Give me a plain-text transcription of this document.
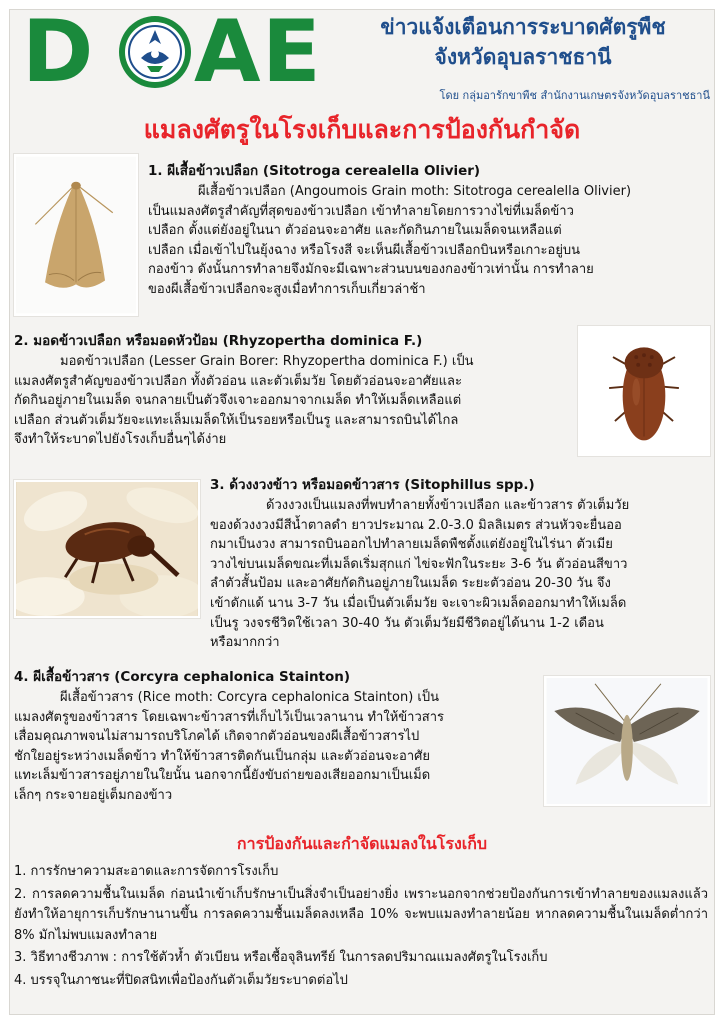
D A E	ข่าวแจ้งเตือนการระบาดศัตรูพืช
จังหวัดอุบลราชธานี
โดย กลุ่มอารักขาพืช สำนักงานเกษตรจังหวัดอุบลราชธานี
แมลงศัตรูในโรงเก็บและการป้องกันกำจัด
1. ผีเสื้อข้าวเปลือก (Sitotroga cerealella Olivier)

ผีเสื้อข้าวเปลือก (Angoumois Grain moth: Sitotroga cerealella Olivier)

เป็นแมลงศัตรูสำคัญที่สุดของข้าวเปลือก เข้าทำลายโดยการวางไข่ที่เมล็ดข้าว

เปลือก ตั้งแต่ยังอยู่ในนา ตัวอ่อนจะอาศัย และกัดกินภายในเมล็ดจนเหลือแต่

เปลือก เมื่อเข้าไปในยุ้งฉาง หรือโรงสี จะเห็นผีเสื้อข้าวเปลือกบินหรือเกาะอยู่บน

กองข้าว ดังนั้นการทำลายจึงมักจะมีเฉพาะส่วนบนของกองข้าวเท่านั้น การทำลาย

ของผีเสื้อข้าวเปลือกจะสูงเมื่อทำการเก็บเกี่ยวล่าช้า

2. มอดข้าวเปลือก หรือมอดหัวป้อม (Rhyzopertha dominica F.)

มอดข้าวเปลือก (Lesser Grain Borer: Rhyzopertha dominica F.) เป็น

แมลงศัตรูสำคัญของข้าวเปลือก ทั้งตัวอ่อน และตัวเต็มวัย โดยตัวอ่อนจะอาศัยและ

กัดกินอยู่ภายในเมล็ด จนกลายเป็นตัวจึงเจาะออกมาจากเมล็ด ทำให้เมล็ดเหลือแต่

เปลือก ส่วนตัวเต็มวัยจะแทะเล็มเมล็ดให้เป็นรอยหรือเป็นรู และสามารถบินได้ไกล

จึงทำให้ระบาดไปยังโรงเก็บอื่นๆได้ง่าย

3. ด้วงงวงข้าว หรือมอดข้าวสาร (Sitophillus spp.)

ด้วงงวงเป็นแมลงที่พบทำลายทั้งข้าวเปลือก และข้าวสาร ตัวเต็มวัย

ของด้วงงวงมีสีน้ำตาลดำ ยาวประมาณ 2.0-3.0 มิลลิเมตร ส่วนหัวจะยื่นออ

กมาเป็นงวง สามารถบินออกไปทำลายเมล็ดพืชตั้งแต่ยังอยู่ในไร่นา ตัวเมีย

วางไข่บนเมล็ดขณะที่เมล็ดเริ่มสุกแก่ ไข่จะฟักในระยะ 3-6 วัน ตัวอ่อนสีขาว

ลำตัวสั้นป้อม และอาศัยกัดกินอยู่ภายในเมล็ด ระยะตัวอ่อน 20-30 วัน จึง

เข้าดักแด้ นาน 3-7 วัน เมื่อเป็นตัวเต็มวัย จะเจาะผิวเมล็ดออกมาทำให้เมล็ด

เป็นรู วงจรชีวิตใช้เวลา 30-40 วัน ตัวเต็มวัยมีชีวิตอยู่ได้นาน 1-2 เดือน

หรือมากกว่า

4. ผีเสื้อข้าวสาร (Corcyra cephalonica Stainton)

ผีเสื้อข้าวสาร (Rice moth: Corcyra cephalonica Stainton) เป็น

แมลงศัตรูของข้าวสาร โดยเฉพาะข้าวสารที่เก็บไว้เป็นเวลานาน ทำให้ข้าวสาร

เสื่อมคุณภาพจนไม่สามารถบริโภคได้ เกิดจากตัวอ่อนของผีเสื้อข้าวสารไป

ชักใยอยู่ระหว่างเมล็ดข้าว ทำให้ข้าวสารติดกันเป็นกลุ่ม และตัวอ่อนจะอาศัย

แทะเล็มข้าวสารอยู่ภายในใยนั้น นอกจากนี้ยังขับถ่ายของเสียออกมาเป็นเม็ด

เล็กๆ กระจายอยู่เต็มกองข้าว

การป้องกันและกำจัดแมลงในโรงเก็บ
1. การรักษาความสะอาดและการจัดการโรงเก็บ
2. การลดความชื้นในเมล็ด ก่อนนำเข้าเก็บรักษาเป็นสิ่งจำเป็นอย่างยิ่ง เพราะนอกจากช่วยป้องกันการเข้าทำลายของแมลงแล้ว ยังทำให้อายุการเก็บรักษานานขึ้น การลดความชื้นเมล็ดลงเหลือ 10% จะพบแมลงทำลายน้อย หากลดความชื้นในเมล็ดต่ำกว่า 8% มักไม่พบแมลงทำลาย
3. วิธีทางชีวภาพ : การใช้ตัวห้ำ ตัวเบียน หรือเชื้อจุลินทรีย์ ในการลดปริมาณแมลงศัตรูในโรงเก็บ
4. บรรจุในภาชนะที่ปิดสนิทเพื่อป้องกันตัวเต็มวัยระบาดต่อไป
